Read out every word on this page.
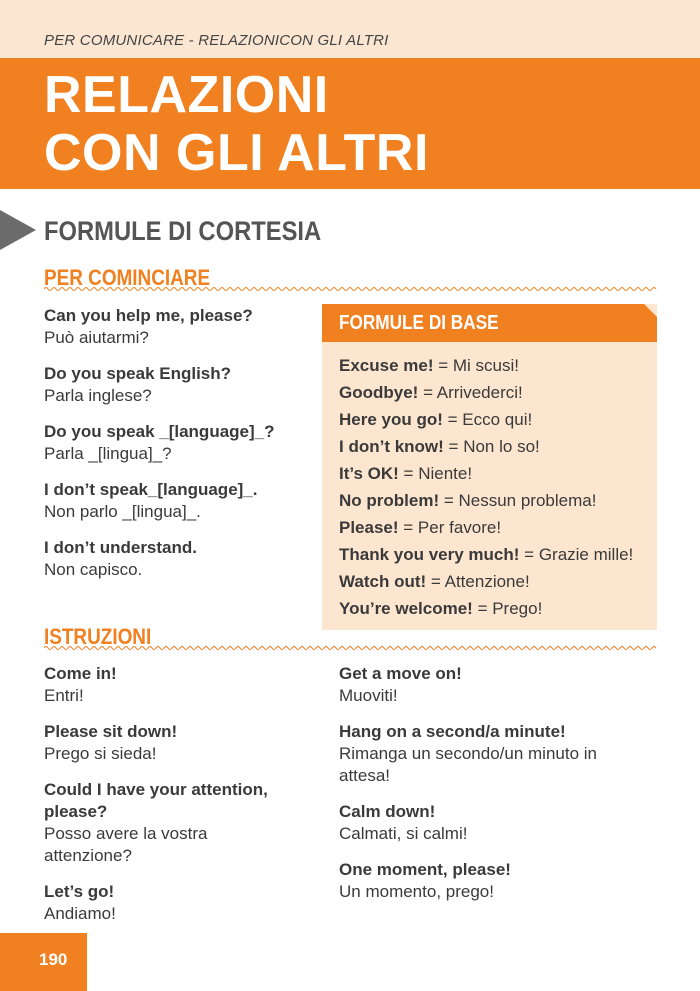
PER COMUNICARE - RELAZIONICON GLI ALTRI
RELAZIONI
CON GLI ALTRI
FORMULE DI CORTESIA
PER COMINCIARE
Can you help me, please?
Può aiutarmi?
Do you speak English?
Parla inglese?
Do you speak _[language]_?
Parla _[lingua]_?
I don’t speak_[language]_.
Non parlo _[lingua]_.
I don’t understand.
Non capisco.
FORMULE DI BASE
Excuse me! = Mi scusi!
Goodbye! = Arrivederci!
Here you go! = Ecco qui!
I don’t know! = Non lo so!
It’s OK! = Niente!
No problem! = Nessun problema!
Please! = Per favore!
Thank you very much! = Grazie mille!
Watch out! = Attenzione!
You’re welcome! = Prego!
ISTRUZIONI
Come in!
Entri!
Please sit down!
Prego si sieda!
Could I have your attention, please?
Posso avere la vostra attenzione?
Let’s go!
Andiamo!
Get a move on!
Muoviti!
Hang on a second/a minute!
Rimanga un secondo/un minuto in attesa!
Calm down!
Calmati, si calmi!
One moment, please!
Un momento, prego!
190
